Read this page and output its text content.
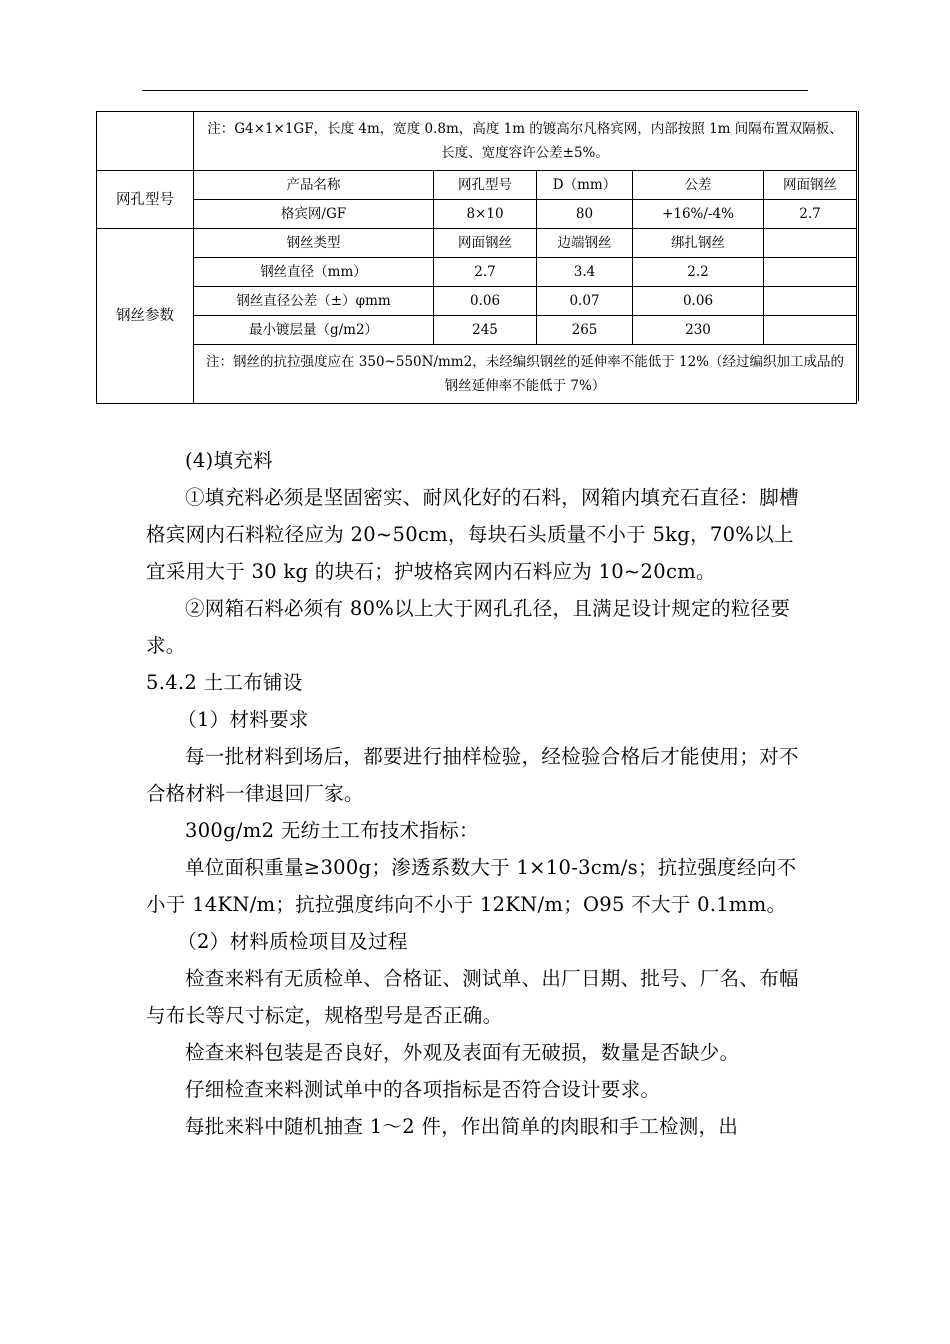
	注：G4×1×1GF，长度 4m，宽度 0.8m，高度 1m 的镀高尔凡格宾网，内部按照 1m 间隔布置双隔板、长度、宽度容许公差±5%。				
网孔型号	产品名称	网孔型号	D（mm）	公差	网面钢丝
	格宾网/GF	8×10	80	+16%/-4%	2.7
钢丝参数	钢丝类型	网面钢丝	边端钢丝	绑扎钢丝	
	钢丝直径（mm）	2.7	3.4	2.2	
	钢丝直径公差（±）φmm	0.06	0.07	0.06	
	最小镀层量（g/m2）	245	265	230	
	注：钢丝的抗拉强度应在 350~550N/mm2，未经编织钢丝的延伸率不能低于 12%（经过编织加工成品的钢丝延伸率不能低于 7%）				

(4)填充料

①填充料必须是坚固密实、耐风化好的石料，网箱内填充石直径：脚槽格宾网内石料粒径应为 20~50cm，每块石头质量不小于 5kg，70%以上宜采用大于 30 kg 的块石；护坡格宾网内石料应为 10~20cm。

②网箱石料必须有 80%以上大于网孔孔径，且满足设计规定的粒径要求。

5.4.2 土工布铺设

（1）材料要求

每一批材料到场后，都要进行抽样检验，经检验合格后才能使用；对不合格材料一律退回厂家。

300g/m2 无纺土工布技术指标：

单位面积重量≥300g；渗透系数大于 1×10-3cm/s；抗拉强度经向不小于 14KN/m；抗拉强度纬向不小于 12KN/m；O95 不大于 0.1mm。

（2）材料质检项目及过程

检查来料有无质检单、合格证、测试单、出厂日期、批号、厂名、布幅与布长等尺寸标定，规格型号是否正确。

检查来料包装是否良好，外观及表面有无破损，数量是否缺少。

仔细检查来料测试单中的各项指标是否符合设计要求。

每批来料中随机抽查 1～2 件，作出简单的肉眼和手工检测，出
